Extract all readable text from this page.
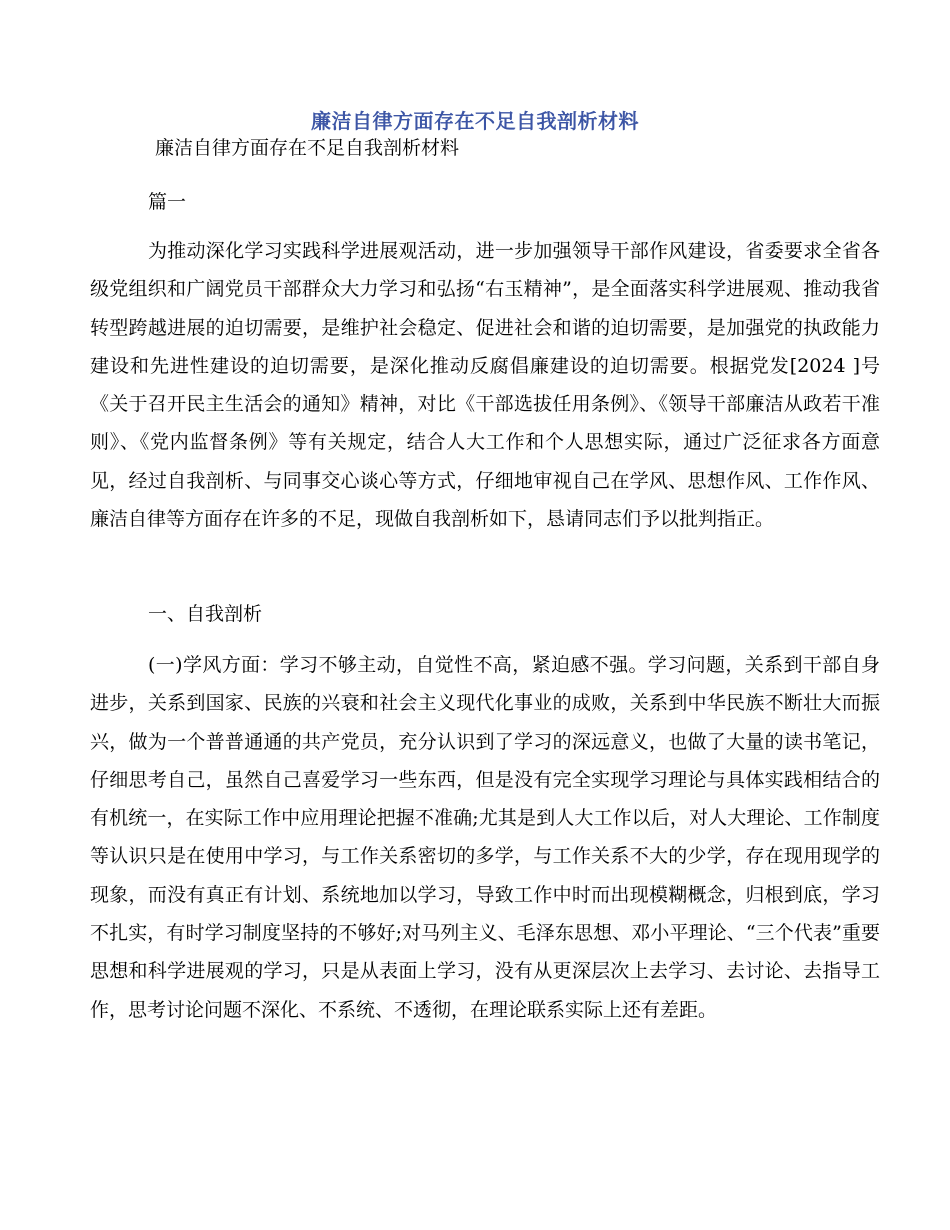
廉洁自律方面存在不足自我剖析材料
廉洁自律方面存在不足自我剖析材料
篇一

为推动深化学习实践科学进展观活动，进一步加强领导干部作风建设，省委要求全省各级党组织和广阔党员干部群众大力学习和弘扬“右玉精神”，是全面落实科学进展观、推动我省转型跨越进展的迫切需要，是维护社会稳定、促进社会和谐的迫切需要，是加强党的执政能力建设和先进性建设的迫切需要，是深化推动反腐倡廉建设的迫切需要。根据党发[2024 ]号《关于召开民主生活会的通知》精神，对比《干部选拔任用条例》、《领导干部廉洁从政若干准则》、《党内监督条例》等有关规定，结合人大工作和个人思想实际，通过广泛征求各方面意见，经过自我剖析、与同事交心谈心等方式，仔细地审视自己在学风、思想作风、工作作风、廉洁自律等方面存在许多的不足，现做自我剖析如下，恳请同志们予以批判指正。

一、自我剖析

(一)学风方面：学习不够主动，自觉性不高，紧迫感不强。学习问题，关系到干部自身进步，关系到国家、民族的兴衰和社会主义现代化事业的成败，关系到中华民族不断壮大而振兴，做为一个普普通通的共产党员，充分认识到了学习的深远意义，也做了大量的读书笔记，仔细思考自己，虽然自己喜爱学习一些东西，但是没有完全实现学习理论与具体实践相结合的有机统一，在实际工作中应用理论把握不准确;尤其是到人大工作以后，对人大理论、工作制度等认识只是在使用中学习，与工作关系密切的多学，与工作关系不大的少学，存在现用现学的现象，而没有真正有计划、系统地加以学习，导致工作中时而出现模糊概念，归根到底，学习不扎实，有时学习制度坚持的不够好;对马列主义、毛泽东思想、邓小平理论、“三个代表”重要思想和科学进展观的学习，只是从表面上学习，没有从更深层次上去学习、去讨论、去指导工作，思考讨论问题不深化、不系统、不透彻，在理论联系实际上还有差距。
